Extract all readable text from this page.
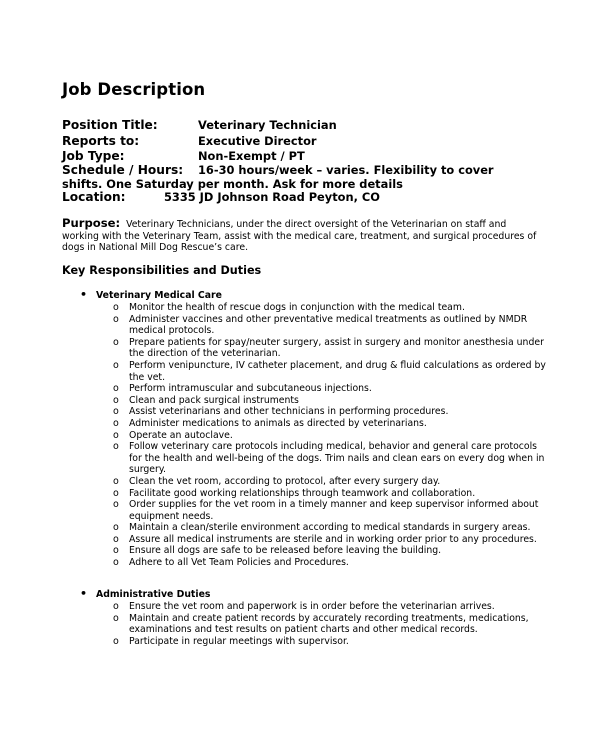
Job Description
Position Title:	Veterinary Technician
Reports to:	Executive Director
Job Type:	Non-Exempt / PT
Schedule / Hours: 16-30 hours/week – varies. Flexibility to cover
shifts. One Saturday per month. Ask for more details
Location:	5335 JD Johnson Road Peyton, CO
Purpose: Veterinary Technicians, under the direct oversight of the Veterinarian on staff and working with the Veterinary Team, assist with the medical care, treatment, and surgical procedures of dogs in National Mill Dog Rescue’s care.
Key Responsibilities and Duties
• Veterinary Medical Care
o Monitor the health of rescue dogs in conjunction with the medical team.
o Administer vaccines and other preventative medical treatments as outlined by NMDR medical protocols.
o Prepare patients for spay/neuter surgery, assist in surgery and monitor anesthesia under the direction of the veterinarian.
o Perform venipuncture, IV catheter placement, and drug & fluid calculations as ordered by the vet.
o Perform intramuscular and subcutaneous injections.
o Clean and pack surgical instruments
o Assist veterinarians and other technicians in performing procedures.
o Administer medications to animals as directed by veterinarians.
o Operate an autoclave.
o Follow veterinary care protocols including medical, behavior and general care protocols for the health and well-being of the dogs. Trim nails and clean ears on every dog when in surgery.
o Clean the vet room, according to protocol, after every surgery day.
o Facilitate good working relationships through teamwork and collaboration.
o Order supplies for the vet room in a timely manner and keep supervisor informed about equipment needs.
o Maintain a clean/sterile environment according to medical standards in surgery areas.
o Assure all medical instruments are sterile and in working order prior to any procedures.
o Ensure all dogs are safe to be released before leaving the building.
o Adhere to all Vet Team Policies and Procedures.
• Administrative Duties
o Ensure the vet room and paperwork is in order before the veterinarian arrives.
o Maintain and create patient records by accurately recording treatments, medications, examinations and test results on patient charts and other medical records.
o Participate in regular meetings with supervisor.
